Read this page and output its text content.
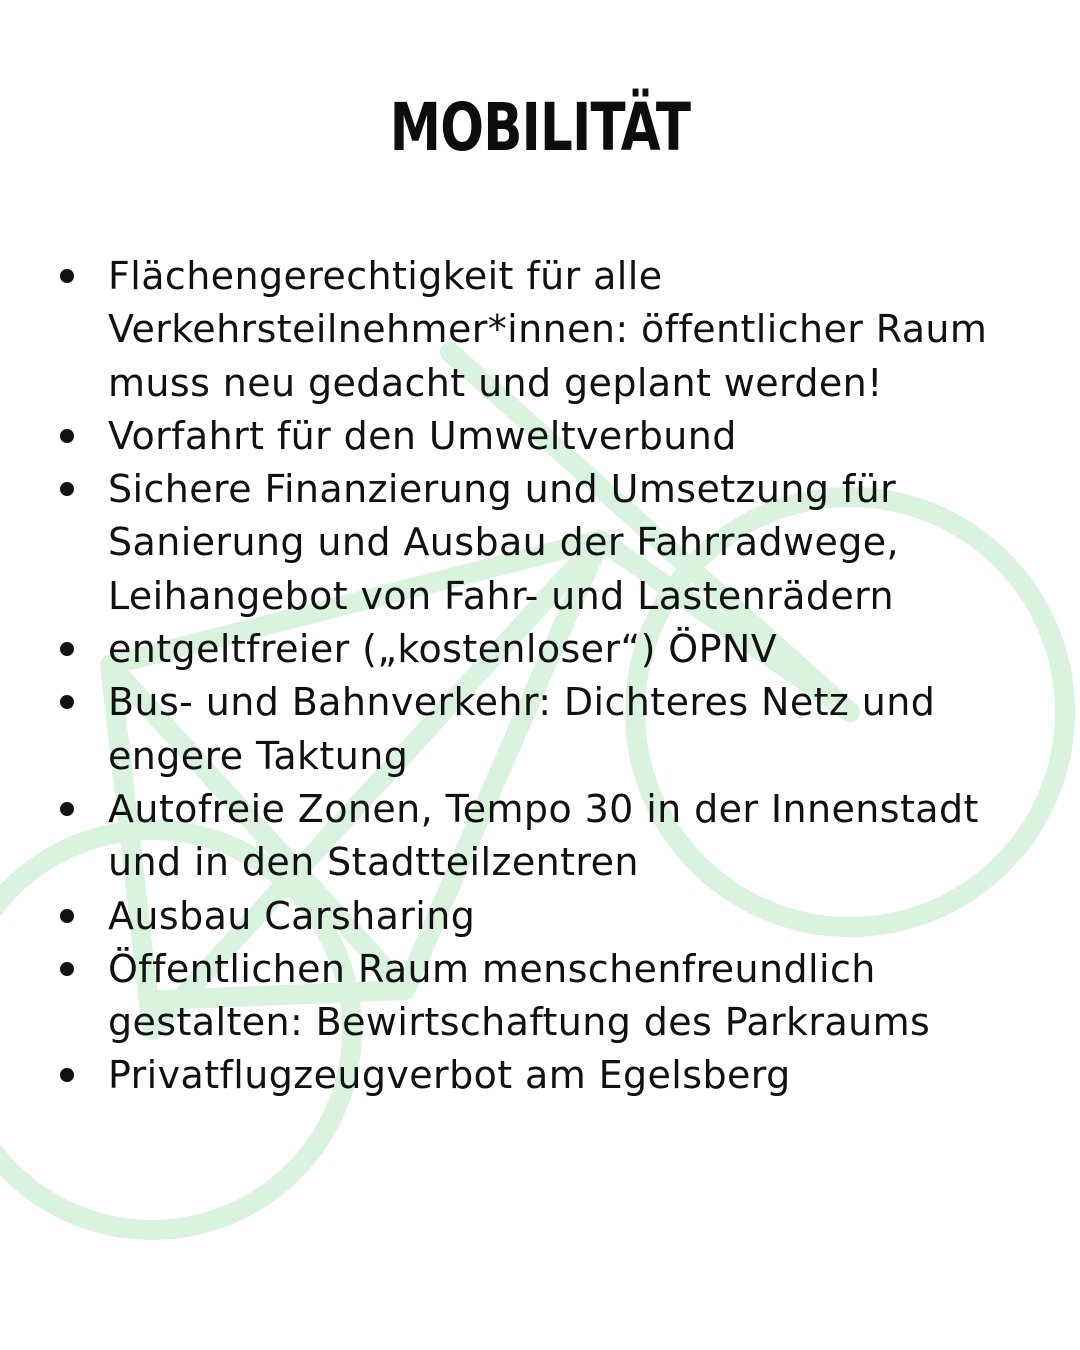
MOBILITÄT
Flächengerechtigkeit für alle Verkehrsteilnehmer*innen: öffentlicher Raum muss neu gedacht und geplant werden!
Vorfahrt für den Umweltverbund
Sichere Finanzierung und Umsetzung für Sanierung und Ausbau der Fahrradwege, Leihangebot von Fahr- und Lastenrädern
entgeltfreier („kostenloser“) ÖPNV
Bus- und Bahnverkehr: Dichteres Netz und engere Taktung
Autofreie Zonen, Tempo 30 in der Innenstadt und in den Stadtteilzentren
Ausbau Carsharing
Öffentlichen Raum menschenfreundlich gestalten: Bewirtschaftung des Parkraums
Privatflugzeugverbot am Egelsberg
